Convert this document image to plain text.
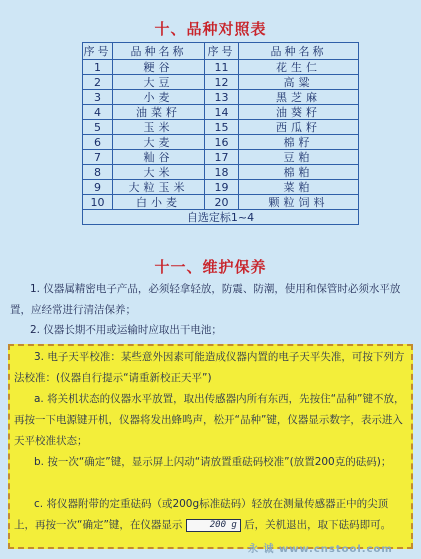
十、品种对照表
序号	品种名称	序号	品种名称
1	粳谷	11	花生仁
2	大豆	12	高粱
3	小麦	13	黑芝麻
4	油菜籽	14	油葵籽
5	玉米	15	西瓜籽
6	大麦	16	棉籽
7	籼谷	17	豆粕
8	大米	18	棉粕
9	大粒玉米	19	菜粕
10	白小麦	20	颗粒饲料
自选定标1~4			
十一、维护保养

1. 仪器属精密电子产品，必须轻拿轻放，防震、防潮，使用和保管时必须水平放置，应经常进行清洁保养；

2. 仪器长期不用或运输时应取出干电池；

3. 电子天平校准：某些意外因素可能造成仪器内置的电子天平失准，可按下列方法校准：(仪器自行提示“请重新校正天平”)

a. 将关机状态的仪器水平放置，取出传感器内所有东西，先按住“品种”键不放，再按一下电源键开机，仪器将发出蜂鸣声，松开“品种”键，仪器显示数字，表示进入天平校准状态；

b. 按一次“确定”键，显示屏上闪动“请放置重砝码校准”(放置200克的砝码)；

c. 将仪器附带的定重砝码（或200g标准砝码）轻放在测量传感器正中的尖顶上，再按一次“确定”键，在仪器显示	200 g 后，关机退出，取下砝码即可。

永 诚 www.cnstool.com
